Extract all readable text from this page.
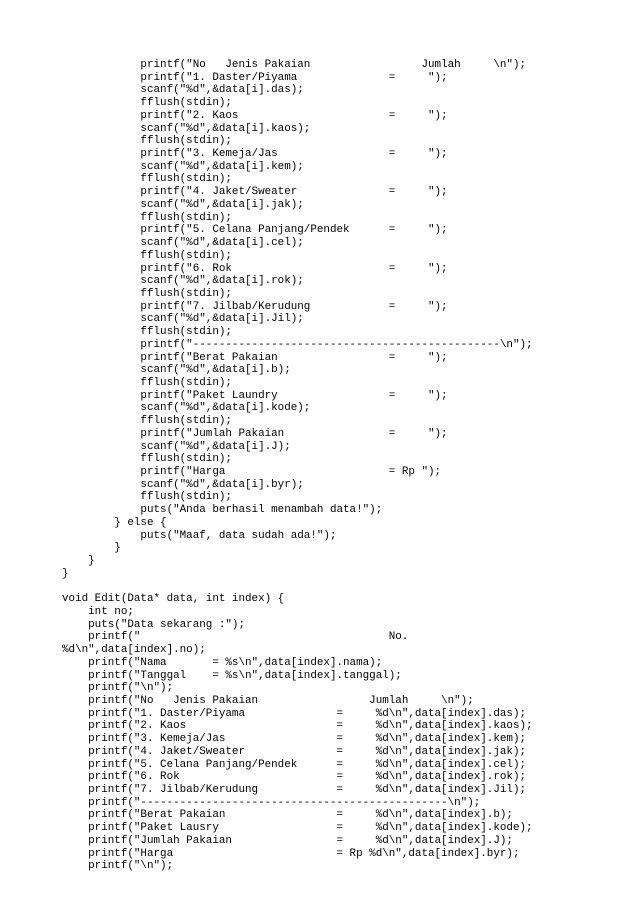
printf("No   Jenis Pakaian                 Jumlah     \n");
printf("1. Daster/Piyama              =     ");
scanf("%d",&data[i].das);
fflush(stdin);
printf("2. Kaos                       =     ");
scanf("%d",&data[i].kaos);
fflush(stdin);
printf("3. Kemeja/Jas                 =     ");
scanf("%d",&data[i].kem);
fflush(stdin);
printf("4. Jaket/Sweater              =     ");
scanf("%d",&data[i].jak);
fflush(stdin);
printf("5. Celana Panjang/Pendek      =     ");
scanf("%d",&data[i].cel);
fflush(stdin);
printf("6. Rok                        =     ");
scanf("%d",&data[i].rok);
fflush(stdin);
printf("7. Jilbab/Kerudung            =     ");
scanf("%d",&data[i].Jil);
fflush(stdin);
printf("-----------------------------------------------\n");
printf("Berat Pakaian                 =     ");
scanf("%d",&data[i].b);
fflush(stdin);
printf("Paket Laundry                 =     ");
scanf("%d",&data[i].kode);
fflush(stdin);
printf("Jumlah Pakaian                =     ");
scanf("%d",&data[i].J);
fflush(stdin);
printf("Harga                         = Rp ");
scanf("%d",&data[i].byr);
fflush(stdin);
puts("Anda berhasil menambah data!");
} else {
puts("Maaf, data sudah ada!");
}
}
}
void Edit(Data* data, int index) {
int no;
puts("Data sekarang :");
printf("                                      No.
%d\n",data[index].no);
printf("Nama       = %s\n",data[index].nama);
printf("Tanggal    = %s\n",data[index].tanggal);
printf("\n");
printf("No   Jenis Pakaian                 Jumlah     \n");
printf("1. Daster/Piyama              =     %d\n",data[index].das);
printf("2. Kaos                       =     %d\n",data[index].kaos);
printf("3. Kemeja/Jas                 =     %d\n",data[index].kem);
printf("4. Jaket/Sweater              =     %d\n",data[index].jak);
printf("5. Celana Panjang/Pendek      =     %d\n",data[index].cel);
printf("6. Rok                        =     %d\n",data[index].rok);
printf("7. Jilbab/Kerudung            =     %d\n",data[index].Jil);
printf("-----------------------------------------------\n");
printf("Berat Pakaian                 =     %d\n",data[index].b);
printf("Paket Lausry                  =     %d\n",data[index].kode);
printf("Jumlah Pakaian                =     %d\n",data[index].J);
printf("Harga                         = Rp %d\n",data[index].byr);
printf("\n");
